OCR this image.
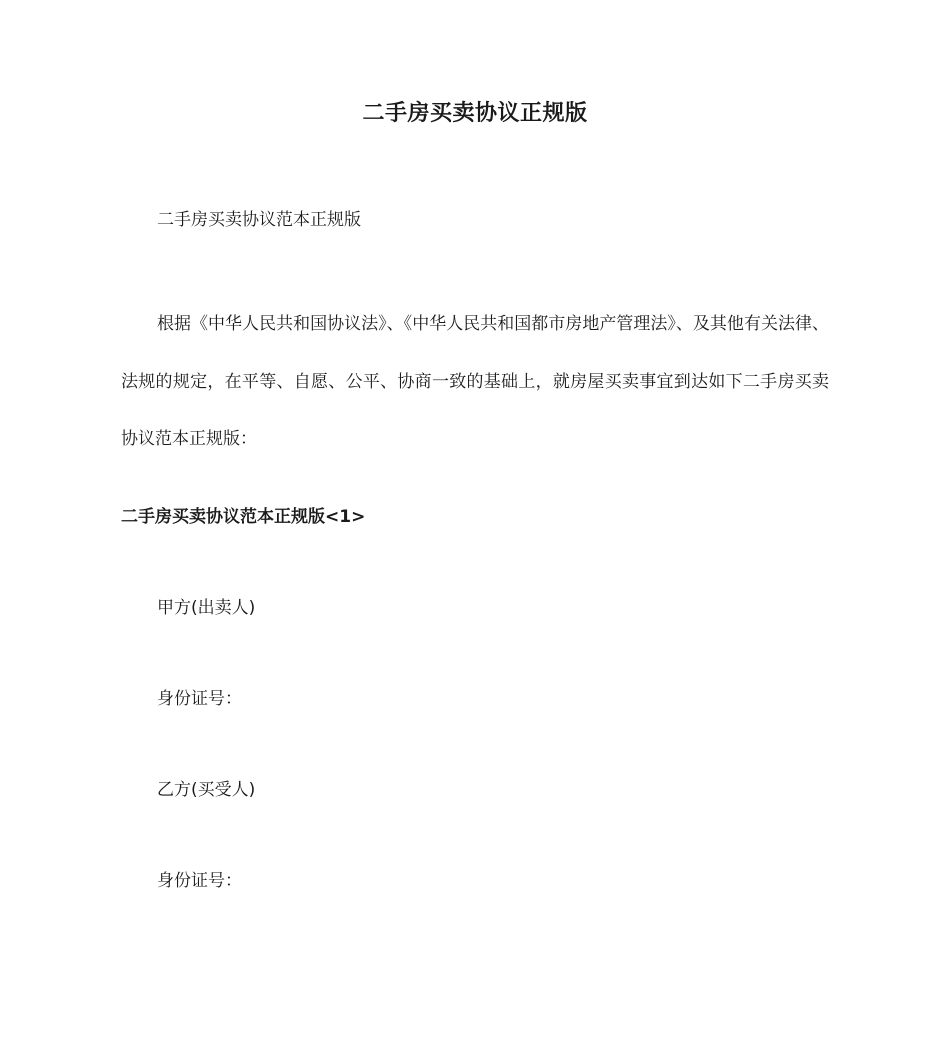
二手房买卖协议正规版
二手房买卖协议范本正规版

根据《中华人民共和国协议法》、《中华人民共和国都市房地产管理法》、及其他有关法律、法规的规定，在平等、自愿、公平、协商一致的基础上，就房屋买卖事宜到达如下二手房买卖协议范本正规版：

二手房买卖协议范本正规版<1>
甲方(出卖人)
身份证号：
乙方(买受人)
身份证号：
